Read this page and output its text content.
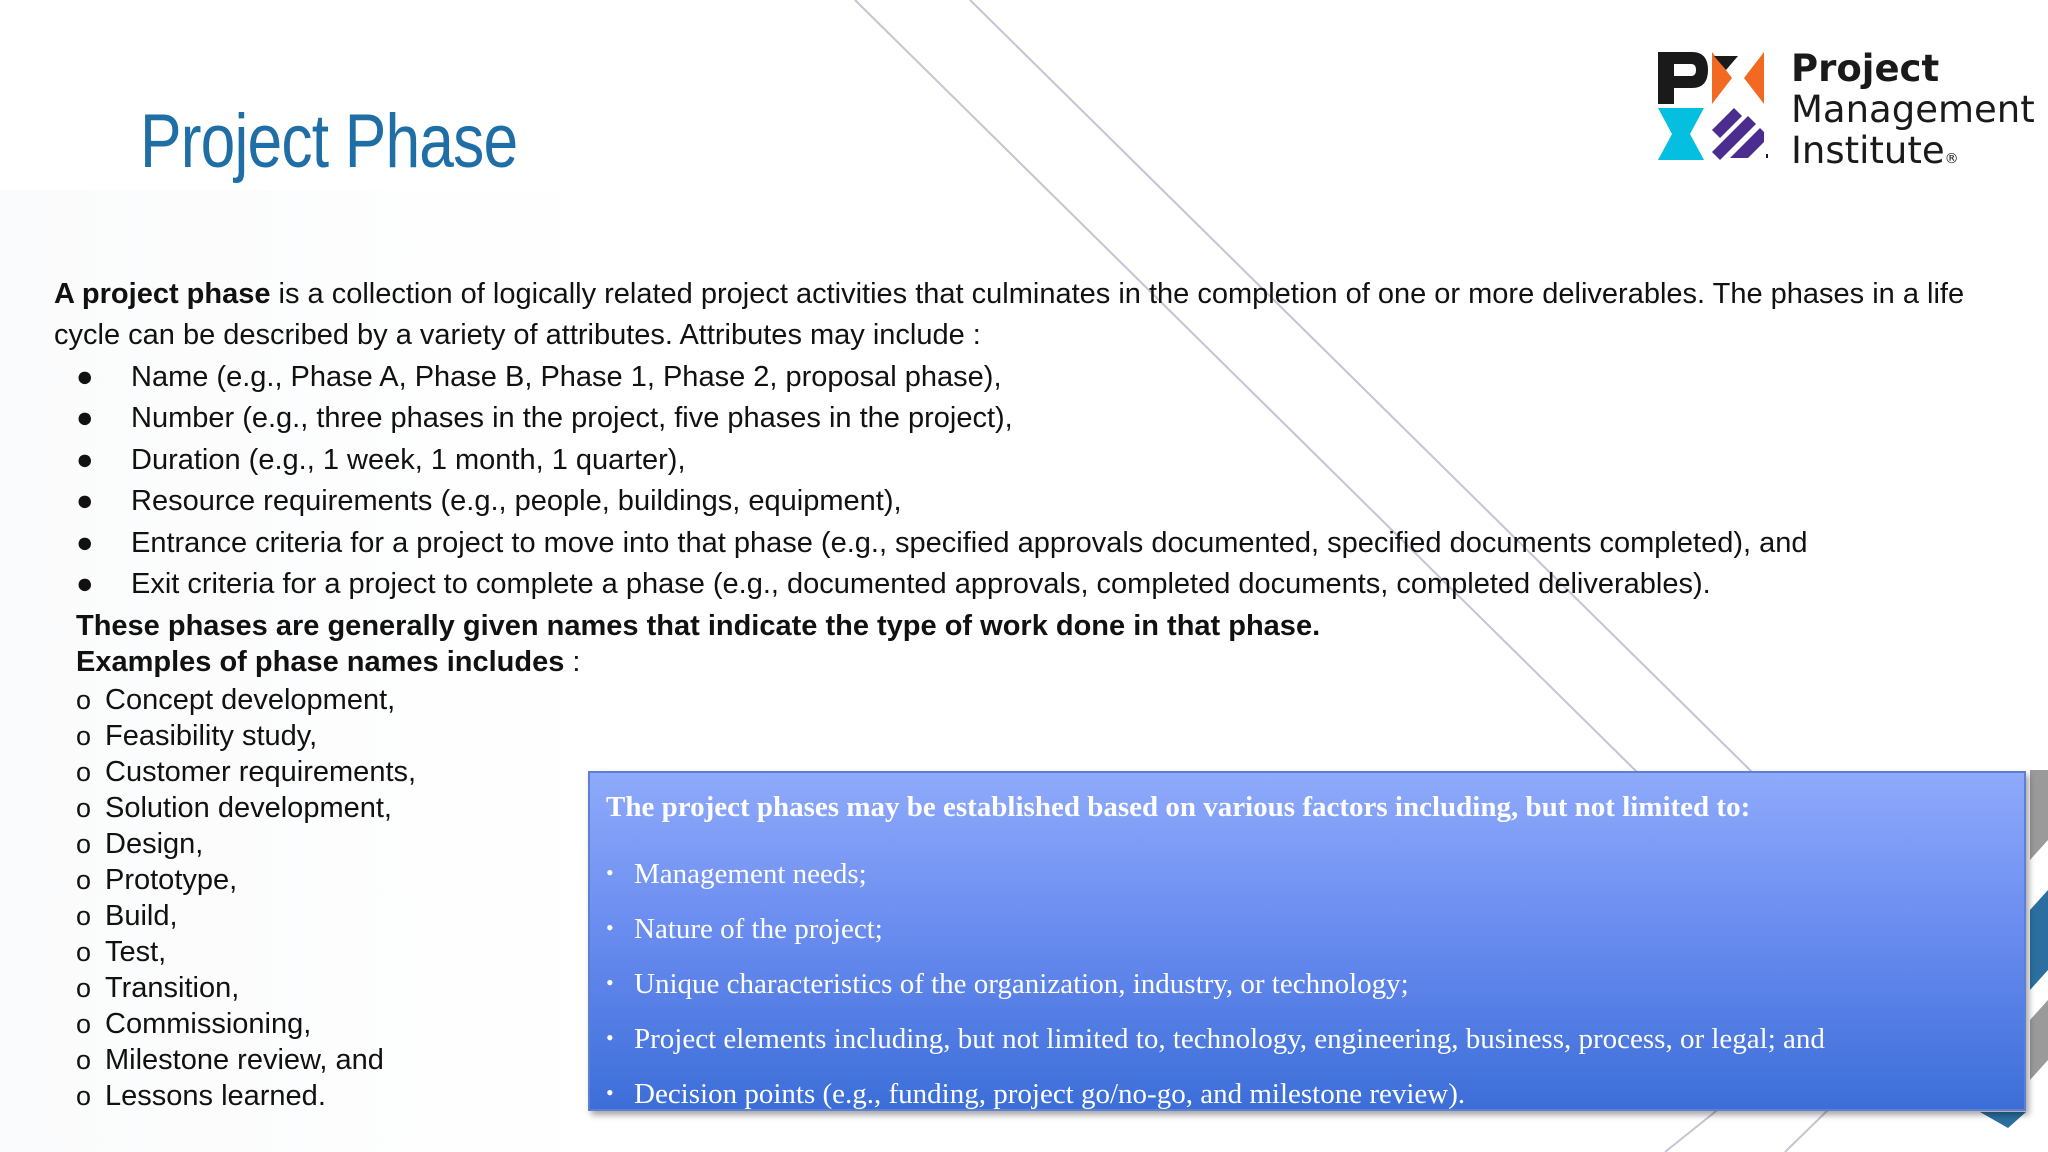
Project Phase
Project
Management
Institute®

A project phase is a collection of logically related project activities that culminates in the completion of one or more deliverables. The phases in a life cycle can be described by a variety of attributes. Attributes may include :

● Name (e.g., Phase A, Phase B, Phase 1, Phase 2, proposal phase),
● Number (e.g., three phases in the project, five phases in the project),
● Duration (e.g., 1 week, 1 month, 1 quarter),
● Resource requirements (e.g., people, buildings, equipment),
● Entrance criteria for a project to move into that phase (e.g., specified approvals documented, specified documents completed), and
● Exit criteria for a project to complete a phase (e.g., documented approvals, completed documents, completed deliverables).

These phases are generally given names that indicate the type of work done in that phase.

Examples of phase names includes :

o Concept development,
o Feasibility study,
o Customer requirements,
o Solution development,
o Design,
o Prototype,
o Build,
o Test,
o Transition,
o Commissioning,
o Milestone review, and
o Lessons learned.
The project phases may be established based on various factors including, but not limited to:
• Management needs;
• Nature of the project;
• Unique characteristics of the organization, industry, or technology;
• Project elements including, but not limited to, technology, engineering, business, process, or legal; and
• Decision points (e.g., funding, project go/no-go, and milestone review).
